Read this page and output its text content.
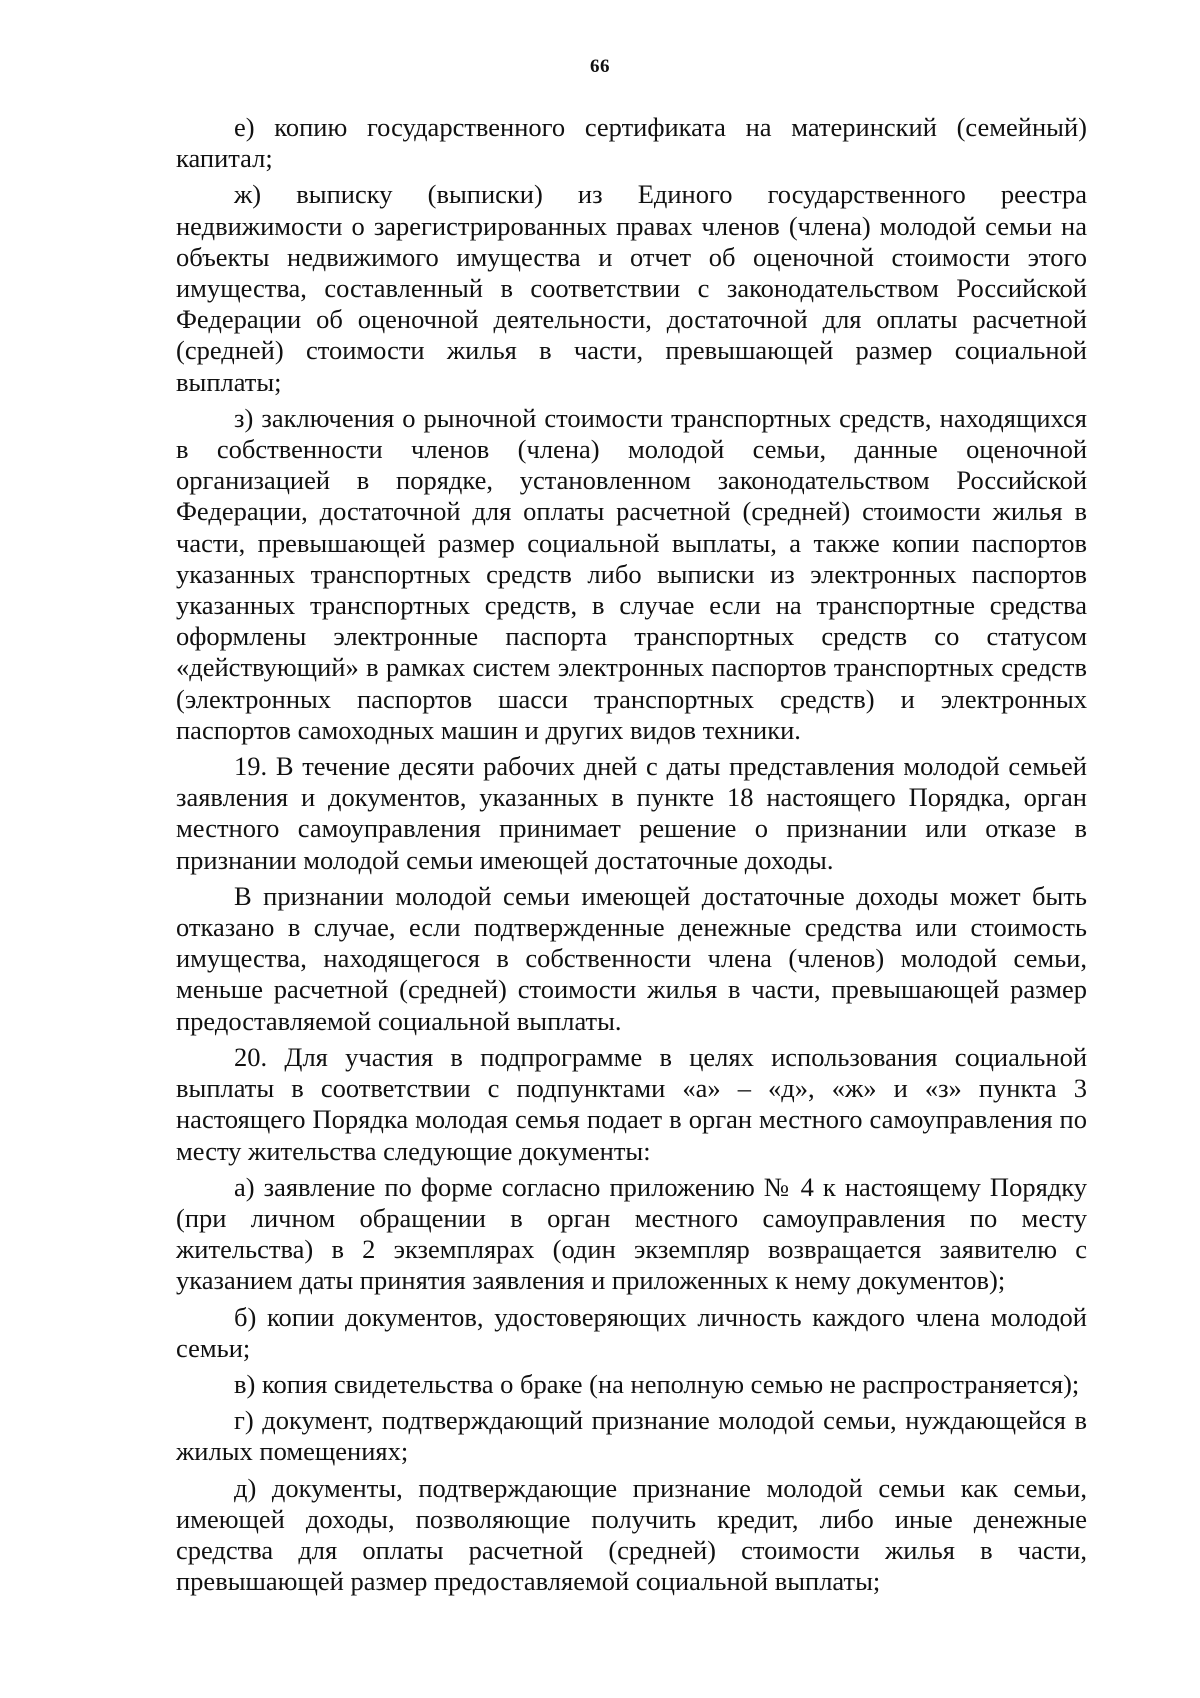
66

е) копию государственного сертификата на материнский (семейный) капитал;

ж) выписку (выписки) из Единого государственного реестра недвижимости о зарегистрированных правах членов (члена) молодой семьи на объекты недвижимого имущества и отчет об оценочной стоимости этого имущества, составленный в соответствии с законодательством Российской Федерации об оценочной деятельности, достаточной для оплаты расчетной (средней) стоимости жилья в части, превышающей размер социальной выплаты;

з) заключения о рыночной стоимости транспортных средств, находящихся в собственности членов (члена) молодой семьи, данные оценочной организацией в порядке, установленном законодательством Российской Федерации, достаточной для оплаты расчетной (средней) стоимости жилья в части, превышающей размер социальной выплаты, а также копии паспортов указанных транспортных средств либо выписки из электронных паспортов указанных транспортных средств, в случае если на транспортные средства оформлены электронные паспорта транспортных средств со статусом «действующий» в рамках систем электронных паспортов транспортных средств (электронных паспортов шасси транспортных средств) и электронных паспортов самоходных машин и других видов техники.

19. В течение десяти рабочих дней с даты представления молодой семьей заявления и документов, указанных в пункте 18 настоящего Порядка, орган местного самоуправления принимает решение о признании или отказе в признании молодой семьи имеющей достаточные доходы.

В признании молодой семьи имеющей достаточные доходы может быть отказано в случае, если подтвержденные денежные средства или стоимость имущества, находящегося в собственности члена (членов) молодой семьи, меньше расчетной (средней) стоимости жилья в части, превышающей размер предоставляемой социальной выплаты.

20. Для участия в подпрограмме в целях использования социальной выплаты в соответствии с подпунктами «а» – «д», «ж» и «з» пункта 3 настоящего Порядка молодая семья подает в орган местного самоуправления по месту жительства следующие документы:

а) заявление по форме согласно приложению № 4 к настоящему Порядку (при личном обращении в орган местного самоуправления по месту жительства) в 2 экземплярах (один экземпляр возвращается заявителю с указанием даты принятия заявления и приложенных к нему документов);

б) копии документов, удостоверяющих личность каждого члена молодой семьи;

в) копия свидетельства о браке (на неполную семью не распространяется);

г) документ, подтверждающий признание молодой семьи, нуждающейся в жилых помещениях;

д) документы, подтверждающие признание молодой семьи как семьи, имеющей доходы, позволяющие получить кредит, либо иные денежные средства для оплаты расчетной (средней) стоимости жилья в части, превышающей размер предоставляемой социальной выплаты;
